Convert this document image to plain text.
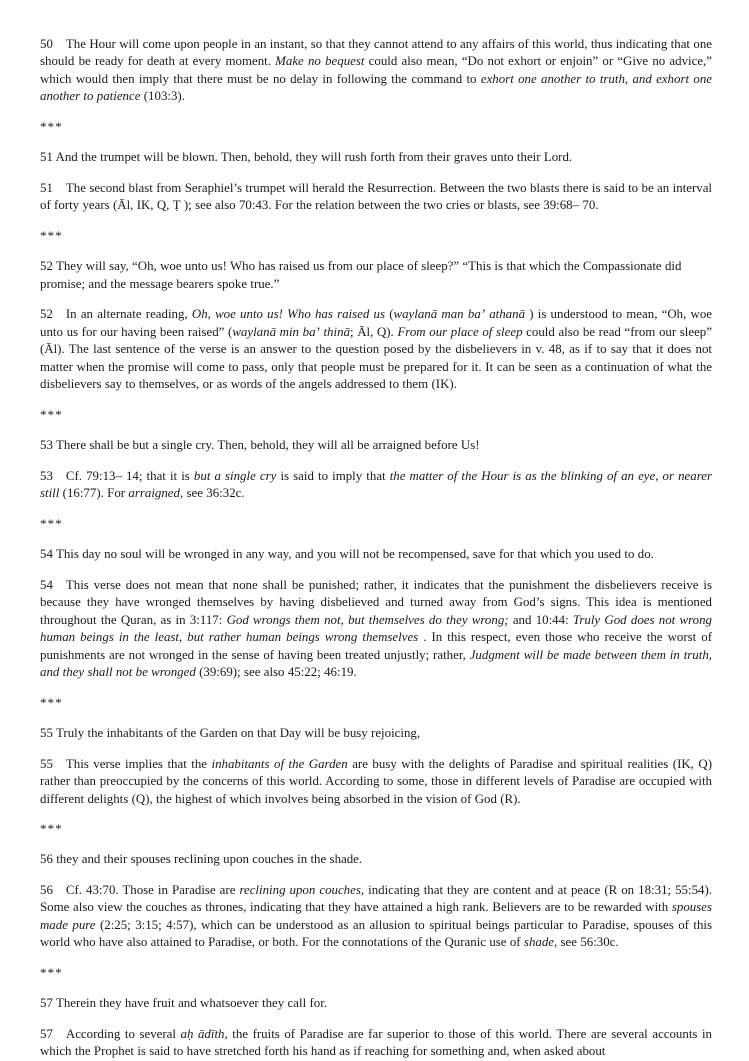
50 The Hour will come upon people in an instant, so that they cannot attend to any affairs of this world, thus indicating that one should be ready for death at every moment. Make no bequest could also mean, “Do not exhort or enjoin” or “Give no advice,” which would then imply that there must be no delay in following the command to exhort one another to truth, and exhort one another to patience (103:3).

***

51 And the trumpet will be blown. Then, behold, they will rush forth from their graves unto their Lord.

51 The second blast from Seraphiel’s trumpet will herald the Resurrection. Between the two blasts there is said to be an interval of forty years (Āl, IK, Q, Ṭ ); see also 70:43. For the relation between the two cries or blasts, see 39:68– 70.

***

52 They will say, “Oh, woe unto us! Who has raised us from our place of sleep?” “This is that which the Compassionate did promise; and the message bearers spoke true.”

52 In an alternate reading, Oh, woe unto us! Who has raised us (waylanā man baʼ athanā ) is understood to mean, “Oh, woe unto us for our having been raised” (waylanā min baʼ thinā; Āl, Q). From our place of sleep could also be read “from our sleep” (Āl). The last sentence of the verse is an answer to the question posed by the disbelievers in v. 48, as if to say that it does not matter when the promise will come to pass, only that people must be prepared for it. It can be seen as a continuation of what the disbelievers say to themselves, or as words of the angels addressed to them (IK).

***

53 There shall be but a single cry. Then, behold, they will all be arraigned before Us!

53 Cf. 79:13– 14; that it is but a single cry is said to imply that the matter of the Hour is as the blinking of an eye, or nearer still (16:77). For arraigned, see 36:32c.

***

54 This day no soul will be wronged in any way, and you will not be recompensed, save for that which you used to do.

54 This verse does not mean that none shall be punished; rather, it indicates that the punishment the disbelievers receive is because they have wronged themselves by having disbelieved and turned away from God’s signs. This idea is mentioned throughout the Quran, as in 3:117: God wrongs them not, but themselves do they wrong; and 10:44: Truly God does not wrong human beings in the least, but rather human beings wrong themselves . In this respect, even those who receive the worst of punishments are not wronged in the sense of having been treated unjustly; rather, Judgment will be made between them in truth, and they shall not be wronged (39:69); see also 45:22; 46:19.

***

55 Truly the inhabitants of the Garden on that Day will be busy rejoicing,

55 This verse implies that the inhabitants of the Garden are busy with the delights of Paradise and spiritual realities (IK, Q) rather than preoccupied by the concerns of this world. According to some, those in different levels of Paradise are occupied with different delights (Q), the highest of which involves being absorbed in the vision of God (R).

***

56 they and their spouses reclining upon couches in the shade.

56 Cf. 43:70. Those in Paradise are reclining upon couches, indicating that they are content and at peace (R on 18:31; 55:54). Some also view the couches as thrones, indicating that they have attained a high rank. Believers are to be rewarded with spouses made pure (2:25; 3:15; 4:57), which can be understood as an allusion to spiritual beings particular to Paradise, spouses of this world who have also attained to Paradise, or both. For the connotations of the Quranic use of shade, see 56:30c.

***

57 Therein they have fruit and whatsoever they call for.

57 According to several aḥ ādīth, the fruits of Paradise are far superior to those of this world. There are several accounts in which the Prophet is said to have stretched forth his hand as if reaching for something and, when asked about
